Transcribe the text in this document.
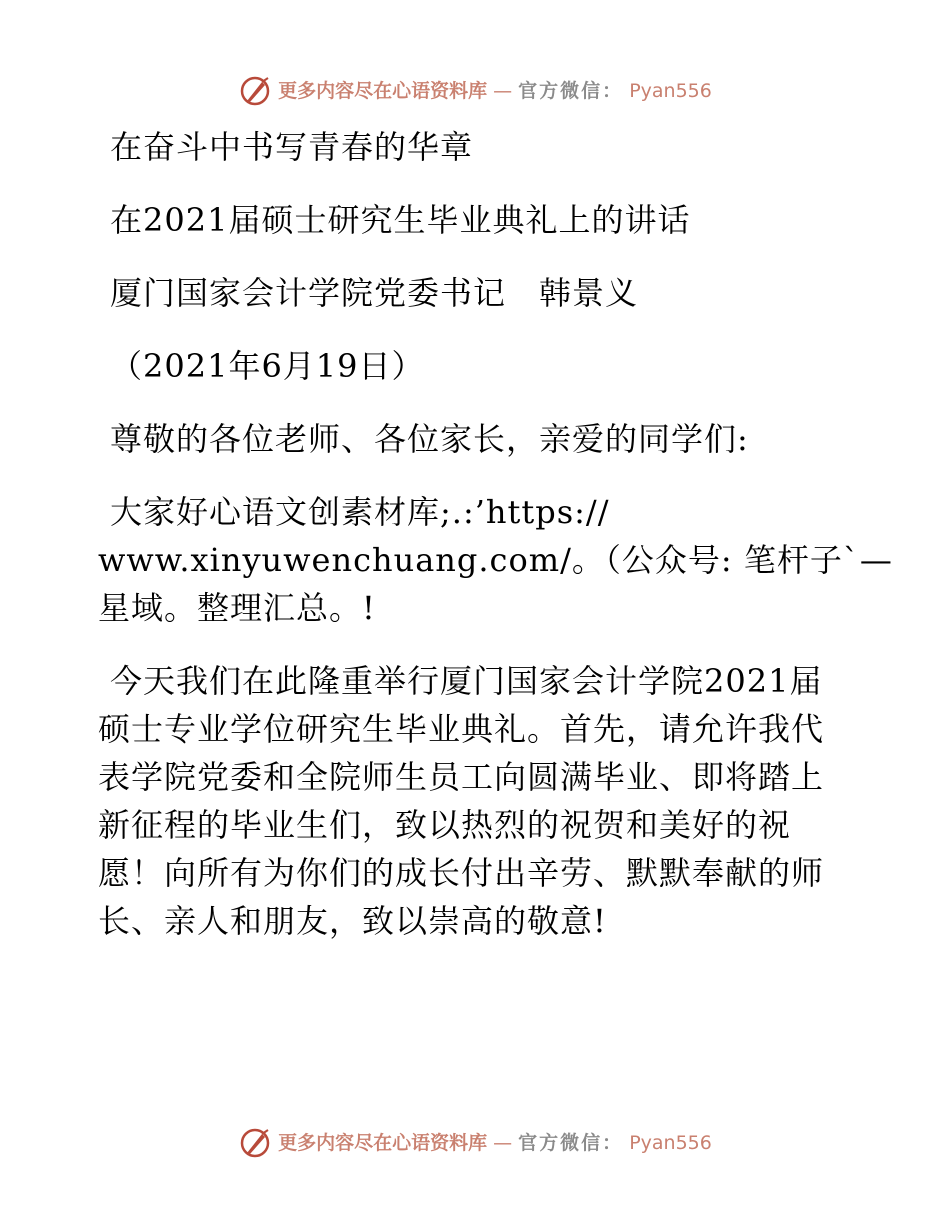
更多内容尽在心语资料库 — 官方微信： Pyan556
在奋斗中书写青春的华章
在2021届硕士研究生毕业典礼上的讲话
厦门国家会计学院党委书记　韩景义
（2021年6月19日）
尊敬的各位老师、各位家长，亲爱的同学们:
大家好心语文创素材库;.:’https://
www.xinyuwenchuang.com/。（公众号: 笔杆子`—
星域。整理汇总。!
今天我们在此隆重举行厦门国家会计学院2021届
硕士专业学位研究生毕业典礼。首先，请允许我代
表学院党委和全院师生员工向圆满毕业、即将踏上
新征程的毕业生们，致以热烈的祝贺和美好的祝
愿！向所有为你们的成长付出辛劳、默默奉献的师
长、亲人和朋友，致以崇高的敬意!
更多内容尽在心语资料库 — 官方微信： Pyan556
